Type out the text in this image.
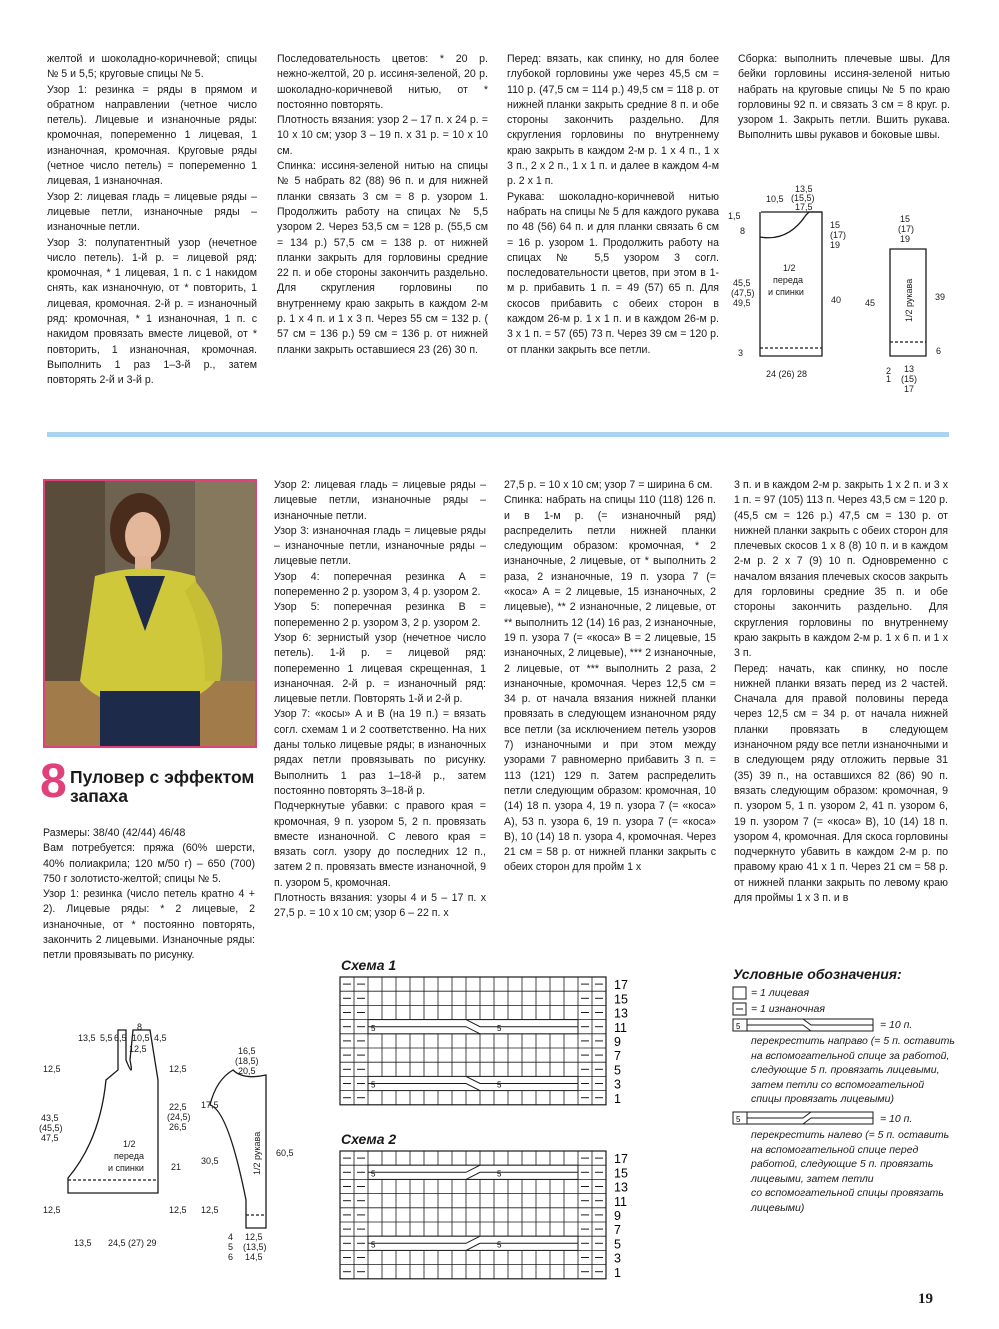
желтой и шоколадно-коричневой; спицы № 5 и 5,5; круговые спицы № 5.

Узор 1: резинка = ряды в прямом и обратном направлении (четное число петель). Лицевые и изнаночные ряды: кромочная, попеременно 1 лицевая, 1 изнаночная, кромочная. Круговые ряды (четное число петель) = попеременно 1 лицевая, 1 изнаночная.

Узор 2: лицевая гладь = лицевые ряды – лицевые петли, изнаночные ряды – изнаночные петли.

Узор 3: полупатентный узор (нечетное число петель). 1-й р. = лицевой ряд: кромочная, * 1 лицевая, 1 п. с 1 накидом снять, как изнаночную, от * повторить, 1 лицевая, кромочная. 2-й р. = изнаночный ряд: кромочная, * 1 изнаночная, 1 п. с накидом провязать вместе лицевой, от * повторить, 1 изнаночная, кромочная. Выполнить 1 раз 1–3-й р., затем повторять 2-й и 3-й р.

Последовательность цветов: * 20 р. нежно-желтой, 20 р. иссиня-зеленой, 20 р. шоколадно-коричневой нитью, от * постоянно повторять.

Плотность вязания: узор 2 – 17 п. х 24 р. = 10 х 10 см; узор 3 – 19 п. х 31 р. = 10 х 10 см.

Спинка: иссиня-зеленой нитью на спицы № 5 набрать 82 (88) 96 п. и для нижней планки связать 3 см = 8 р. узором 1. Продолжить работу на спицах № 5,5 узором 2. Через 53,5 см = 128 р. (55,5 см = 134 р.) 57,5 см = 138 р. от нижней планки закрыть для горловины средние 22 п. и обе стороны закончить раздельно. Для скругления горловины по внутреннему краю закрыть в каждом 2-м р. 1 х 4 п. и 1 х 3 п. Через 55 см = 132 р. ( 57 см = 136 р.) 59 см = 136 р. от нижней планки закрыть оставшиеся 23 (26) 30 п.

Перед: вязать, как спинку, но для более глубокой горловины уже через 45,5 см = 110 р. (47,5 см = 114 р.) 49,5 см = 118 р. от нижней планки закрыть средние 8 п. и обе стороны закончить раздельно. Для скругления горловины по внутреннему краю закрыть в каждом 2-м р. 1 х 4 п., 1 х 3 п., 2 х 2 п., 1 х 1 п. и далее в каждом 4-м р. 2 х 1 п.

Рукава: шоколадно-коричневой нитью набрать на спицы № 5 для каждого рукава по 48 (56) 64 п. и для планки связать 6 см = 16 р. узором 1. Продолжить работу на спицах № 5,5 узором 3 согл. последовательности цветов, при этом в 1-м р. прибавить 1 п. = 49 (57) 65 п. Для скосов прибавить с обеих сторон в каждом 26-м р. 1 х 1 п. и в каждом 26-м р. 3 х 1 п. = 57 (65) 73 п. Через 39 см = 120 р. от планки закрыть все петли.

Сборка: выполнить плечевые швы. Для бейки горловины иссиня-зеленой нитью набрать на круговые спицы № 5 по краю горловины 92 п. и связать 3 см = 8 круг. р. узором 1. Закрыть петли. Вшить рукава. Выполнить швы рукавов и боковые швы.

13,5
10,5 (15,5)
17,5
1,5
8
15
(17)
19
45,5
(47,5)
49,5	40
3
24 (26) 28
1/2
переда
и спинки
15
(17)
19
45
39
1/2 рукава
6
2
1
13
(15)
17
8 Пуловер с эффектом
запаха

Размеры: 38/40 (42/44) 46/48

Вам потребуется: пряжа (60% шерсти, 40% полиакрила; 120 м/50 г) – 650 (700) 750 г золотисто-желтой; спицы № 5.

Узор 1: резинка (число петель кратно 4 + 2). Лицевые ряды: * 2 лицевые, 2 изнаночные, от * постоянно повторять, закончить 2 лицевыми. Изнаночные ряды: петли провязывать по рисунку.

Узор 2: лицевая гладь = лицевые ряды – лицевые петли, изнаночные ряды – изнаночные петли.

Узор 3: изнаночная гладь = лицевые ряды – изнаночные петли, изнаночные ряды – лицевые петли.

Узор 4: поперечная резинка А = попеременно 2 р. узором 3, 4 р. узором 2.

Узор 5: поперечная резинка В = попеременно 2 р. узором 3, 2 р. узором 2.

Узор 6: зернистый узор (нечетное число петель). 1-й р. = лицевой ряд: попеременно 1 лицевая скрещенная, 1 изнаночная. 2-й р. = изнаночный ряд: лицевые петли. Повторять 1-й и 2-й р.

Узор 7: «косы» А и В (на 19 п.) = вязать согл. схемам 1 и 2 соответственно. На них даны только лицевые ряды; в изнаночных рядах петли провязывать по рисунку. Выполнить 1 раз 1–18-й р., затем постоянно повторять 3–18-й р.

Подчеркнутые убавки: с правого края = кромочная, 9 п. узором 5, 2 п. провязать вместе изнаночной. С левого края = вязать согл. узору до последних 12 п., затем 2 п. провязать вместе изнаночной, 9 п. узором 5, кромочная.

Плотность вязания: узоры 4 и 5 – 17 п. х 27,5 р. = 10 х 10 см; узор 6 – 22 п. х

27,5 р. = 10 х 10 см; узор 7 = ширина 6 см.

Спинка: набрать на спицы 110 (118) 126 п. и в 1-м р. (= изнаночный ряд) распределить петли нижней планки следующим образом: кромочная, * 2 изнаночные, 2 лицевые, от * выполнить 2 раза, 2 изнаночные, 19 п. узора 7 (= «коса» А = 2 лицевые, 15 изнаночных, 2 лицевые), ** 2 изнаночные, 2 лицевые, от ** выполнить 12 (14) 16 раз, 2 изнаночные, 19 п. узора 7 (= «коса» В = 2 лицевые, 15 изнаночных, 2 лицевые), *** 2 изнаночные, 2 лицевые, от *** выполнить 2 раза, 2 изнаночные, кромочная. Через 12,5 см = 34 р. от начала вязания нижней планки провязать в следующем изнаночном ряду все петли (за исключением петель узоров 7) изнаночными и при этом между узорами 7 равномерно прибавить 3 п. = 113 (121) 129 п. Затем распределить петли следующим образом: кромочная, 10 (14) 18 п. узора 4, 19 п. узора 7 (= «коса» А), 53 п. узора 6, 19 п. узора 7 (= «коса» В), 10 (14) 18 п. узора 4, кромочная. Через 21 см = 58 р. от нижней планки закрыть с обеих сторон для пройм 1 х

3 п. и в каждом 2-м р. закрыть 1 х 2 п. и 3 х 1 п. = 97 (105) 113 п. Через 43,5 см = 120 р. (45,5 см = 126 р.) 47,5 см = 130 р. от нижней планки закрыть с обеих сторон для плечевых скосов 1 х 8 (8) 10 п. и в каждом 2-м р. 2 х 7 (9) 10 п. Одновременно с началом вязания плечевых скосов закрыть для горловины средние 35 п. и обе стороны закончить раздельно. Для скругления горловины по внутреннему краю закрыть в каждом 2-м р. 1 х 6 п. и 1 х 3 п.

Перед: начать, как спинку, но после нижней планки вязать перед из 2 частей. Сначала для правой половины переда через 12,5 см = 34 р. от начала нижней планки провязать в следующем изнаночном ряду все петли изнаночными и в следующем ряду отложить первые 31 (35) 39 п., на оставшихся 82 (86) 90 п. вязать следующим образом: кромочная, 9 п. узором 5, 1 п. узором 2, 41 п. узором 6, 19 п. узором 7 (= «коса» В), 10 (14) 18 п. узором 4, кромочная. Для скоса горловины подчеркнуто убавить в каждом 2-м р. по правому краю 41 х 1 п. Через 21 см = 58 р. от нижней планки закрыть по левому краю для проймы 1 х 3 п. и в

8
13,5 5,5 6,5 10,5 4,5
12,5
12,5	12,5
43,5
(45,5)
47,5
22,5
(24,5)
26,5
21
12,5	12,5
13,5 24,5 (27) 29
1/2
переда
и спинки
16,5
(18,5)
20,5
17,5
30,5
60,5
12,5
1/2 рукава
4
5
6
12,5
(13,5)
14,5
Схема 1
5	5
5	5
17
15
13
11
9
7
5
3
1
Схема 2
5	5
5	5
17
15
13
11
9
7
5
3
1
Условные обозначения:
5
5
= 1 лицевая
= 1 изнаночная
= 10 п.
перекрестить направо (= 5 п. оставить
на вспомогательной спице за работой,
следующие 5 п. провязать лицевыми,
затем петли со вспомогательной
спицы провязать лицевыми)
= 10 п.
перекрестить налево (= 5 п. оставить
на вспомогательной спице перед
работой, следующие 5 п. провязать
лицевыми, затем петли
со вспомогательной спицы провязать
лицевыми)
19
